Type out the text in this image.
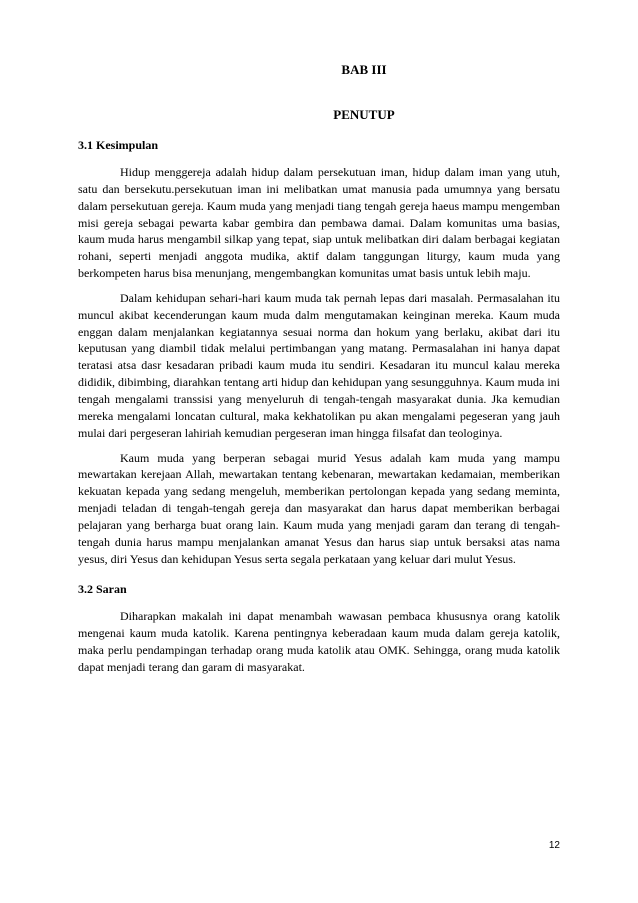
BAB III
PENUTUP
3.1 Kesimpulan

Hidup menggereja adalah hidup dalam persekutuan iman, hidup dalam iman yang utuh, satu dan bersekutu.persekutuan iman ini melibatkan umat manusia pada umumnya yang bersatu dalam persekutuan gereja. Kaum muda yang menjadi tiang tengah gereja haeus mampu mengemban misi gereja sebagai pewarta kabar gembira dan pembawa damai. Dalam komunitas uma basias, kaum muda harus mengambil silkap yang tepat, siap untuk melibatkan diri dalam berbagai kegiatan rohani, seperti menjadi anggota mudika, aktif dalam tanggungan liturgy, kaum muda yang berkompeten harus bisa menunjang, mengembangkan komunitas umat basis untuk lebih maju.

Dalam kehidupan sehari-hari kaum muda tak pernah lepas dari masalah. Permasalahan itu muncul akibat kecenderungan kaum muda dalm mengutamakan keinginan mereka. Kaum muda enggan dalam menjalankan kegiatannya sesuai norma dan hokum yang berlaku, akibat dari itu keputusan yang diambil tidak melalui pertimbangan yang matang. Permasalahan ini hanya dapat teratasi atsa dasr kesadaran pribadi kaum muda itu sendiri. Kesadaran itu muncul kalau mereka dididik, dibimbing, diarahkan tentang arti hidup dan kehidupan yang sesungguhnya. Kaum muda ini tengah mengalami transsisi yang menyeluruh di tengah-tengah masyarakat dunia. Jka kemudian mereka mengalami loncatan cultural, maka kekhatolikan pu akan mengalami pegeseran yang jauh mulai dari pergeseran lahiriah kemudian pergeseran iman hingga filsafat dan teologinya.

Kaum muda yang berperan sebagai murid Yesus adalah kam muda yang mampu mewartakan kerejaan Allah, mewartakan tentang kebenaran, mewartakan kedamaian, memberikan kekuatan kepada yang sedang mengeluh, memberikan pertolongan kepada yang sedang meminta, menjadi teladan di tengah-tengah gereja dan masyarakat dan harus dapat memberikan berbagai pelajaran yang berharga buat orang lain. Kaum muda yang menjadi garam dan terang di tengah-tengah dunia harus mampu menjalankan amanat Yesus dan harus siap untuk bersaksi atas nama yesus, diri Yesus dan kehidupan Yesus serta segala perkataan yang keluar dari mulut Yesus.

3.2 Saran

Diharapkan makalah ini dapat menambah wawasan pembaca khususnya orang katolik mengenai kaum muda katolik. Karena pentingnya keberadaan kaum muda dalam gereja katolik, maka perlu pendampingan terhadap orang muda katolik atau OMK. Sehingga, orang muda katolik dapat menjadi terang dan garam di masyarakat.

12
